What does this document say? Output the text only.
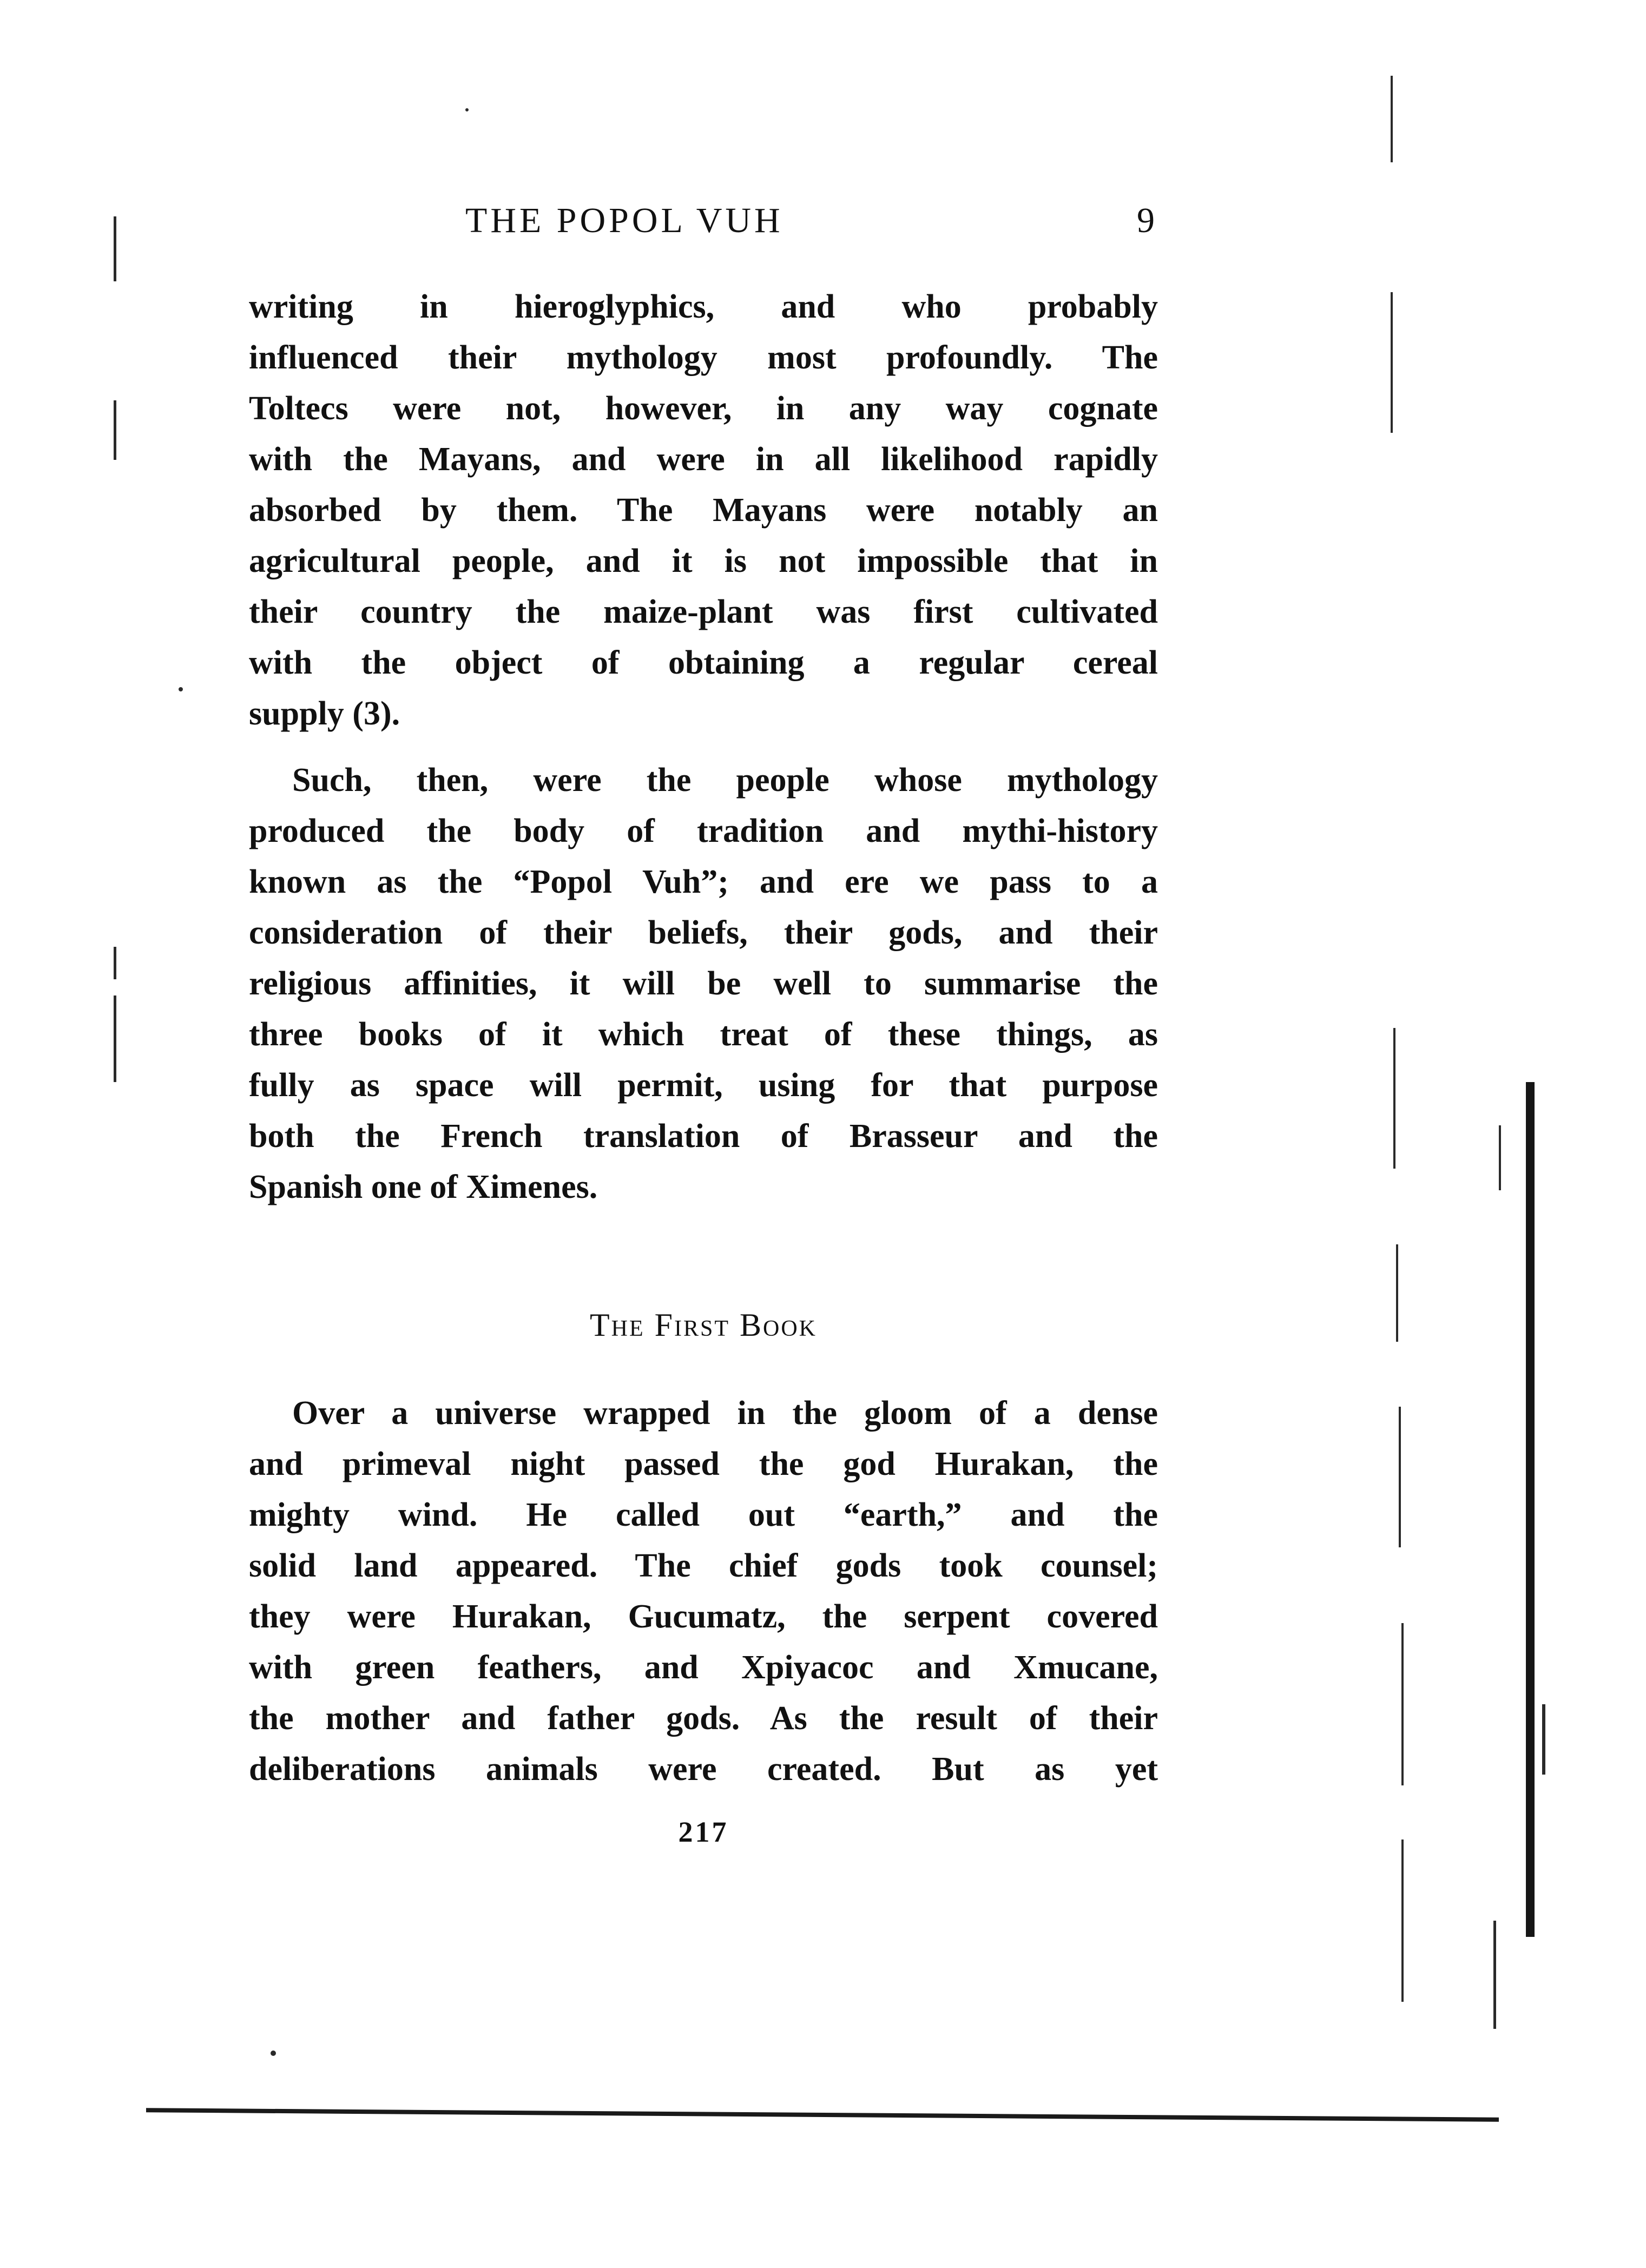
THE POPOL VUH	9
writing in hieroglyphics, and who probably
influenced their mythology most profoundly. The
Toltecs were not, however, in any way cognate
with the Mayans, and were in all likelihood rapidly
absorbed by them. The Mayans were notably an
agricultural people, and it is not impossible that in
their country the maize-plant was first cultivated
with the object of obtaining a regular cereal
supply (3).
Such, then, were the people whose mythology
produced the body of tradition and mythi-history
known as the “Popol Vuh”; and ere we pass to a
consideration of their beliefs, their gods, and their
religious affinities, it will be well to summarise the
three books of it which treat of these things, as
fully as space will permit, using for that purpose
both the French translation of Brasseur and the
Spanish one of Ximenes.
The First Book
Over a universe wrapped in the gloom of a dense
and primeval night passed the god Hurakan, the
mighty wind. He called out “earth,” and the
solid land appeared. The chief gods took counsel;
they were Hurakan, Gucumatz, the serpent covered
with green feathers, and Xpiyacoc and Xmucane,
the mother and father gods. As the result of their
deliberations animals were created. But as yet
217
